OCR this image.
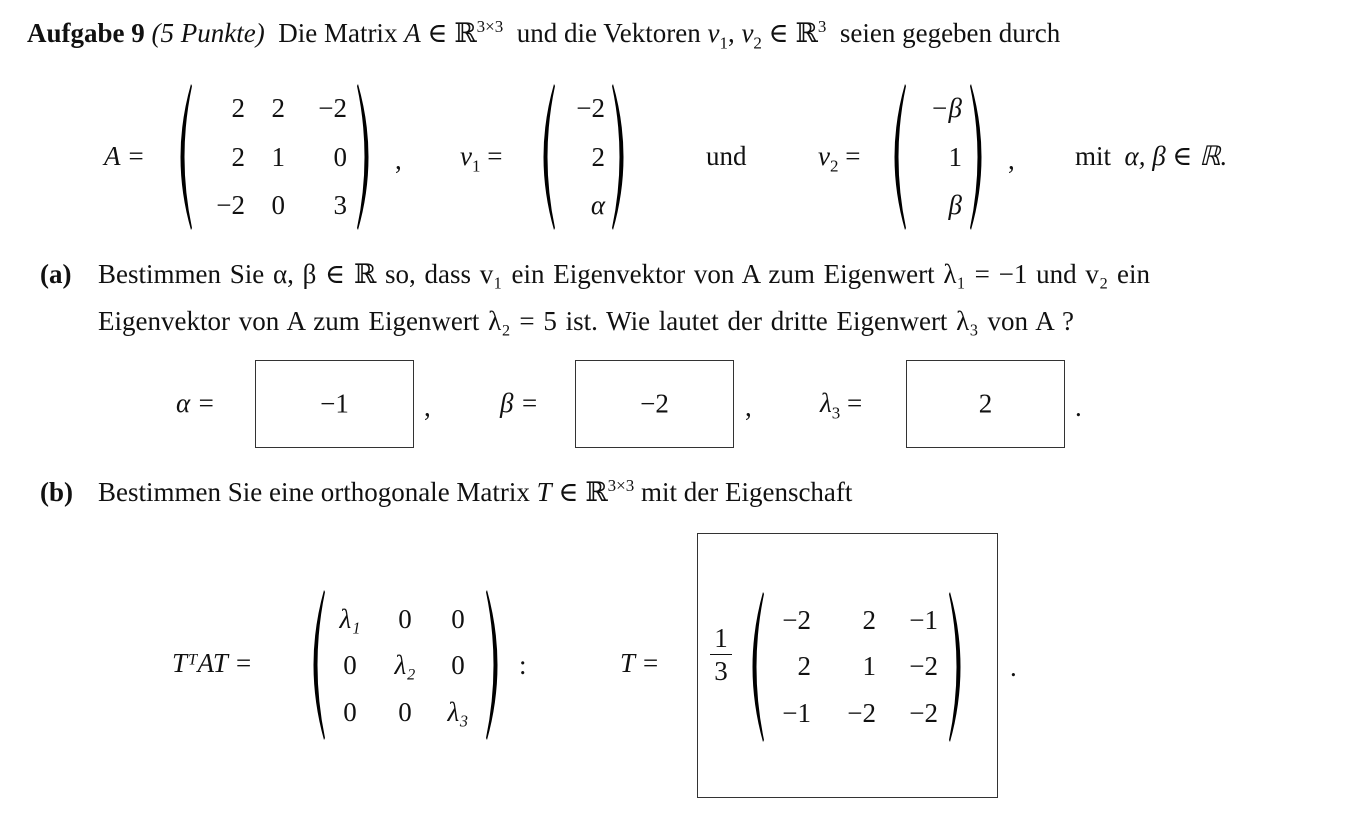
Aufgabe 9 (5 Punkte) Die Matrix A ∈ ℝ$^{3\times 3}$ und die Vektoren $v_1$, $v_2$ ∈ ℝ$^3$ seien gegeben durch
A =
2 2	−2
2 1	0
−2 0	3
, $v_1$ =
−2
2
α
und	$v_2$ =
−β
1
β
, mit α, β ∈ ℝ.
(a) Bestimmen Sie α, β ∈ ℝ so, dass v₁ ein Eigenvektor von A zum Eigenwert λ₁ = −1 und v₂ ein
Eigenvektor von A zum Eigenwert λ₂ = 5 ist. Wie lautet der dritte Eigenwert λ₃ von A ?
α =	−1	,	β =	−2	,	$\lambda_3$ =	2	.
(b) Bestimmen Sie eine orthogonale Matrix T ∈ ℝ$^{3\times 3}$ mit der Eigenschaft
TᵀAT =
λ₁	0	0
0	λ₂	0
0	0	λ₃
:	$T = \frac{1}{3}$
−2	2	−1
2	1	−2
−1	−2	−2
.
